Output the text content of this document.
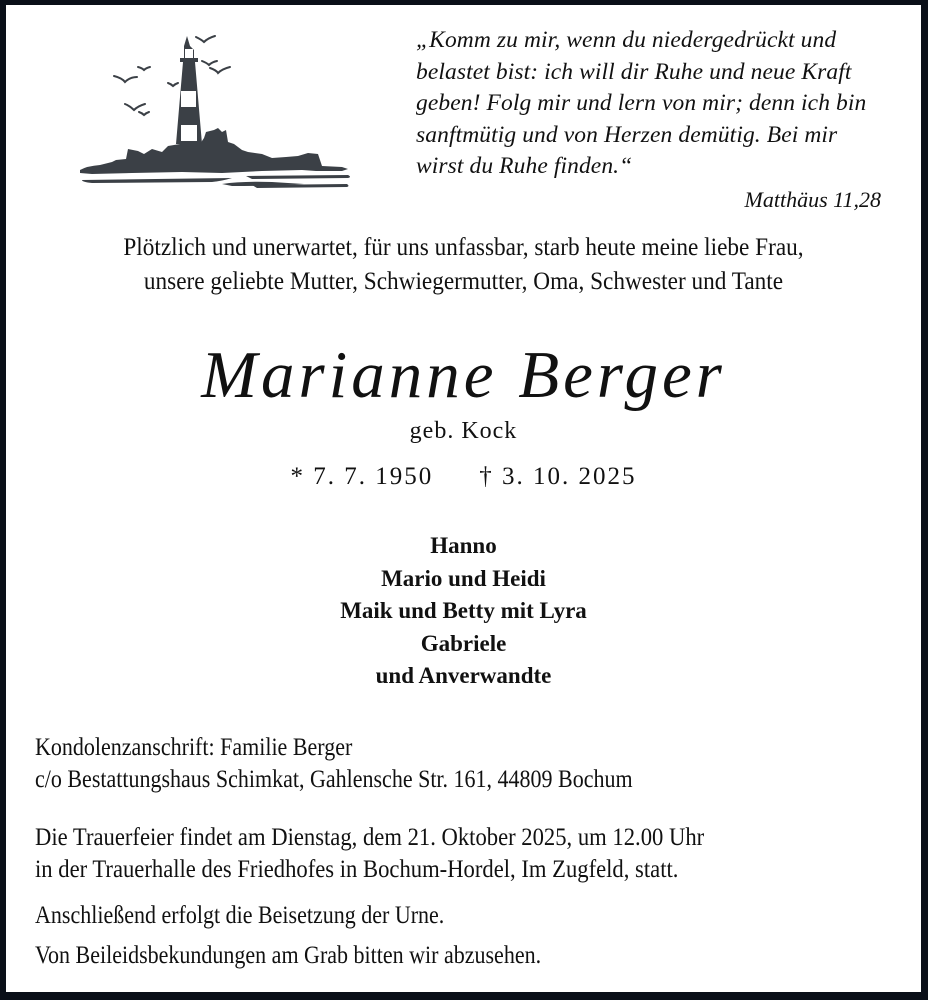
„Komm zu mir, wenn du niedergedrückt und
belastet bist: ich will dir Ruhe und neue Kraft
geben! Folg mir und lern von mir; denn ich bin
sanftmütig und von Herzen demütig. Bei mir
wirst du Ruhe finden.“
Matthäus 11,28
Plötzlich und unerwartet, für uns unfassbar, starb heute meine liebe Frau,
unsere geliebte Mutter, Schwiegermutter, Oma, Schwester und Tante
Marianne Berger
geb. Kock
* 7. 7. 1950 † 3. 10. 2025
Hanno
Mario und Heidi
Maik und Betty mit Lyra
Gabriele
und Anverwandte
Kondolenzanschrift: Familie Berger
c/o Bestattungshaus Schimkat, Gahlensche Str. 161, 44809 Bochum
Die Trauerfeier findet am Dienstag, dem 21. Oktober 2025, um 12.00 Uhr
in der Trauerhalle des Friedhofes in Bochum-Hordel, Im Zugfeld, statt.
Anschließend erfolgt die Beisetzung der Urne.
Von Beileidsbekundungen am Grab bitten wir abzusehen.
